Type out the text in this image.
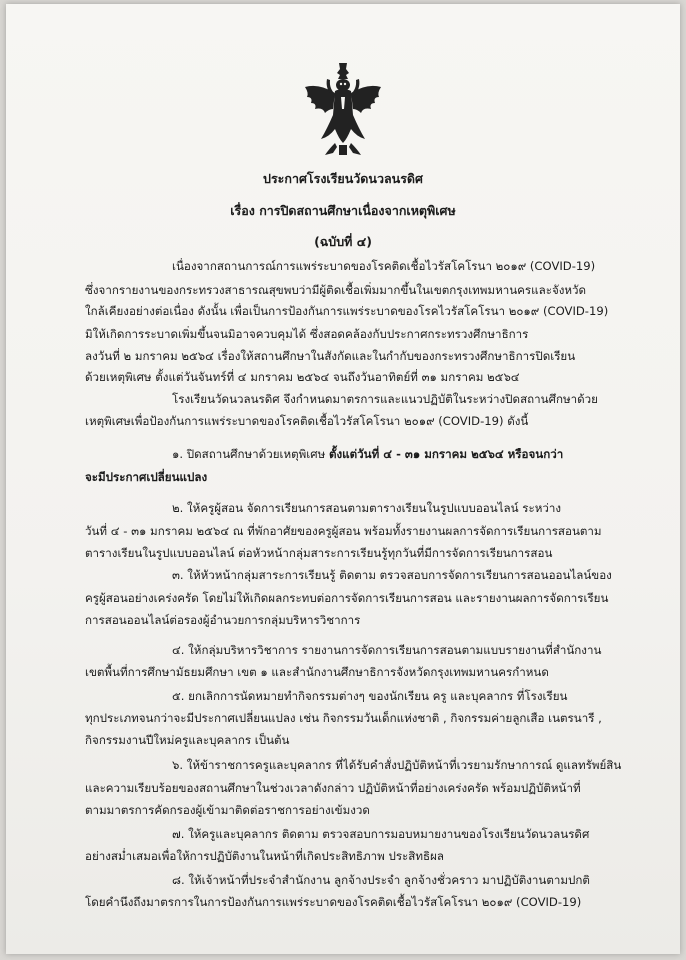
ประกาศโรงเรียนวัดนวลนรดิศ
เรื่อง การปิดสถานศึกษาเนื่องจากเหตุพิเศษ
(ฉบับที่ ๔)
เนื่องจากสถานการณ์การแพร่ระบาดของโรคติดเชื้อไวรัสโคโรนา ๒๐๑๙ (COVID-19)
ซึ่งจากรายงานของกระทรวงสาธารณสุขพบว่ามีผู้ติดเชื้อเพิ่มมากขึ้นในเขตกรุงเทพมหานครและจังหวัด
ใกล้เคียงอย่างต่อเนื่อง ดังนั้น เพื่อเป็นการป้องกันการแพร่ระบาดของโรคไวรัสโคโรนา ๒๐๑๙ (COVID-19)
มิให้เกิดการระบาดเพิ่มขึ้นจนมิอาจควบคุมได้ ซึ่งสอดคล้องกับประกาศกระทรวงศึกษาธิการ
ลงวันที่ ๒ มกราคม ๒๕๖๔ เรื่องให้สถานศึกษาในสังกัดและในกำกับของกระทรวงศึกษาธิการปิดเรียน
ด้วยเหตุพิเศษ ตั้งแต่วันจันทร์ที่ ๔ มกราคม ๒๕๖๔ จนถึงวันอาทิตย์ที่ ๓๑ มกราคม ๒๕๖๔
โรงเรียนวัดนวลนรดิศ จึงกำหนดมาตรการและแนวปฏิบัติในระหว่างปิดสถานศึกษาด้วย
เหตุพิเศษเพื่อป้องกันการแพร่ระบาดของโรคติดเชื้อไวรัสโคโรนา ๒๐๑๙ (COVID-19) ดังนี้
๑. ปิดสถานศึกษาด้วยเหตุพิเศษ ตั้งแต่วันที่ ๔ - ๓๑ มกราคม ๒๕๖๔ หรือจนกว่า
จะมีประกาศเปลี่ยนแปลง
๒. ให้ครูผู้สอน จัดการเรียนการสอนตามตารางเรียนในรูปแบบออนไลน์ ระหว่าง
วันที่ ๔ - ๓๑ มกราคม ๒๕๖๔ ณ ที่พักอาศัยของครูผู้สอน พร้อมทั้งรายงานผลการจัดการเรียนการสอนตาม
ตารางเรียนในรูปแบบออนไลน์ ต่อหัวหน้ากลุ่มสาระการเรียนรู้ทุกวันที่มีการจัดการเรียนการสอน
๓. ให้หัวหน้ากลุ่มสาระการเรียนรู้ ติดตาม ตรวจสอบการจัดการเรียนการสอนออนไลน์ของ
ครูผู้สอนอย่างเคร่งครัด โดยไม่ให้เกิดผลกระทบต่อการจัดการเรียนการสอน และรายงานผลการจัดการเรียน
การสอนออนไลน์ต่อรองผู้อำนวยการกลุ่มบริหารวิชาการ
๔. ให้กลุ่มบริหารวิชาการ รายงานการจัดการเรียนการสอนตามแบบรายงานที่สำนักงาน
เขตพื้นที่การศึกษามัธยมศึกษา เขต ๑ และสำนักงานศึกษาธิการจังหวัดกรุงเทพมหานครกำหนด
๕. ยกเลิกการนัดหมายทำกิจกรรมต่างๆ ของนักเรียน ครู และบุคลากร ที่โรงเรียน
ทุกประเภทจนกว่าจะมีประกาศเปลี่ยนแปลง เช่น กิจกรรมวันเด็กแห่งชาติ , กิจกรรมค่ายลูกเสือ เนตรนารี ,
กิจกรรมงานปีใหม่ครูและบุคลากร เป็นต้น
๖. ให้ข้าราชการครูและบุคลากร ที่ได้รับคำสั่งปฏิบัติหน้าที่เวรยามรักษาการณ์ ดูแลทรัพย์สิน
และความเรียบร้อยของสถานศึกษาในช่วงเวลาดังกล่าว ปฏิบัติหน้าที่อย่างเคร่งครัด พร้อมปฏิบัติหน้าที่
ตามมาตรการคัดกรองผู้เข้ามาติดต่อราชการอย่างเข้มงวด
๗. ให้ครูและบุคลากร ติดตาม ตรวจสอบการมอบหมายงานของโรงเรียนวัดนวลนรดิศ
อย่างสม่ำเสมอเพื่อให้การปฏิบัติงานในหน้าที่เกิดประสิทธิภาพ ประสิทธิผล
๘. ให้เจ้าหน้าที่ประจำสำนักงาน ลูกจ้างประจำ ลูกจ้างชั่วคราว มาปฏิบัติงานตามปกติ
โดยคำนึงถึงมาตรการในการป้องกันการแพร่ระบาดของโรคติดเชื้อไวรัสโคโรนา ๒๐๑๙ (COVID-19)
